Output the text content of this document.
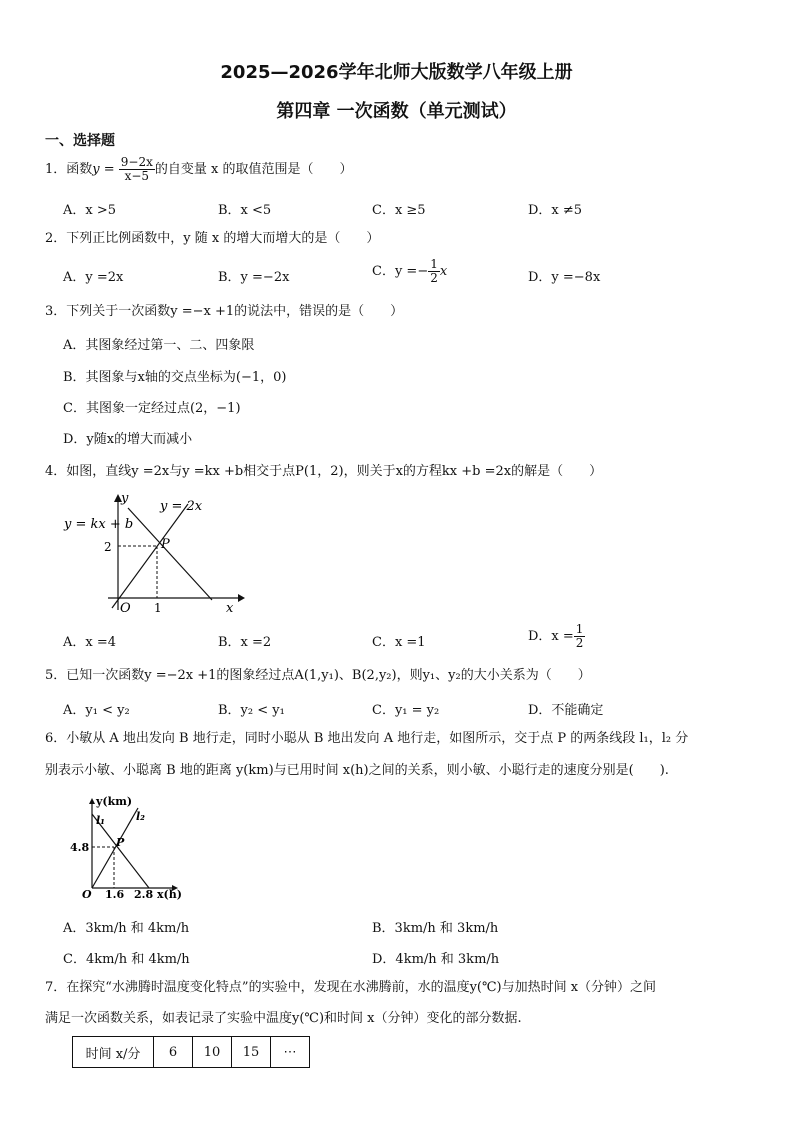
2025—2026学年北师大版数学八年级上册
第四章 一次函数（单元测试）
一、选择题
1．函数$y = \frac{9-2x}{x-5}$ 的自变量 x 的取值范围是（　　）
A．x >5	B．x <5	C．x ≥5	D．x ≠5
2．下列正比例函数中，y 随 x 的增大而增大的是（　　）
A．y =2x	B．y =−2x	C．$y =- \frac{1}{2}$ x	D．y =−8x
3．下列关于一次函数y =−x +1的说法中，错误的是（　　）
A．其图象经过第一、二、四象限
B．其图象与x轴的交点坐标为(−1，0)
C．其图象一定经过点(2，−1)
D．y随x的增大而减小
4．如图，直线y =2x与y =kx +b相交于点P(1，2)，则关于x的方程kx +b =2x的解是（　　）
y
x
O
P
2
1
y = 2x
y = kx + b
A．x =4	B．x =2	C．x =1	D．$x = \frac{1}{2}$
5．已知一次函数y =−2x +1的图象经过点A(1,y₁)、B(2,y₂)，则y₁、y₂的大小关系为（　　）
A．y₁ < y₂	B．y₂ < y₁	C．y₁ = y₂	D．不能确定
6．小敏从 A 地出发向 B 地行走，同时小聪从 B 地出发向 A 地行走，如图所示，交于点 P 的两条线段 l₁，l₂ 分
别表示小敏、小聪离 B 地的距离 y(km)与已用时间 x(h)之间的关系，则小敏、小聪行走的速度分别是(　　).
y(km)
x(h)
O
P
l₁	l₂
4.8
1.6 2.8
A．3km/h 和 4km/h	B．3km/h 和 3km/h
C．4km/h 和 4km/h	D．4km/h 和 3km/h
7．在探究“水沸腾时温度变化特点”的实验中，发现在水沸腾前，水的温度y(℃)与加热时间 x（分钟）之间
满足一次函数关系，如表记录了实验中温度y(℃)和时间 x（分钟）变化的部分数据.
时间 x/分	6	10	15	⋯
